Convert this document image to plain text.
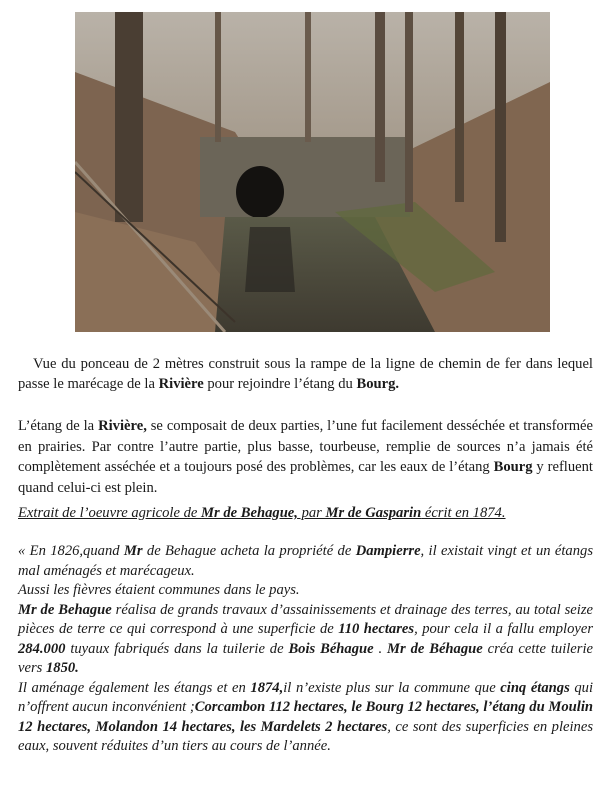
Vue du ponceau de 2 mètres construit sous la rampe de la ligne de chemin de fer dans lequel passe le marécage de la Rivière pour rejoindre l’étang du Bourg.

L’étang de la Rivière, se composait de deux parties, l’une fut facilement desséchée et transformée en prairies. Par contre l’autre partie, plus basse, tourbeuse, remplie de sources n’a jamais été complètement asséchée et a toujours posé des problèmes, car les eaux de l’étang Bourg y refluent quand celui-ci est plein.

Extrait de l’oeuvre agricole de Mr de Behague, par Mr de Gasparin écrit en 1874.

« En 1826,quand Mr de Behague acheta la propriété de Dampierre, il existait vingt et un étangs mal aménagés et marécageux.

Aussi les fièvres étaient communes dans le pays.

Mr de Behague réalisa de grands travaux d’assainissements et drainage des terres, au total seize pièces de terre ce qui correspond à une superficie de 110 hectares, pour cela il a fallu employer 284.000 tuyaux fabriqués dans la tuilerie de Bois Béhague . Mr de Béhague créa cette tuilerie vers 1850.

Il aménage également les étangs et en 1874,il n’existe plus sur la commune que cinq étangs qui n’offrent aucun inconvénient ;Corcambon 112 hectares, le Bourg 12 hectares, l’étang du Moulin 12 hectares, Molandon 14 hectares, les Mardelets 2 hectares, ce sont des superficies en pleines eaux, souvent réduites d’un tiers au cours de l’année.
